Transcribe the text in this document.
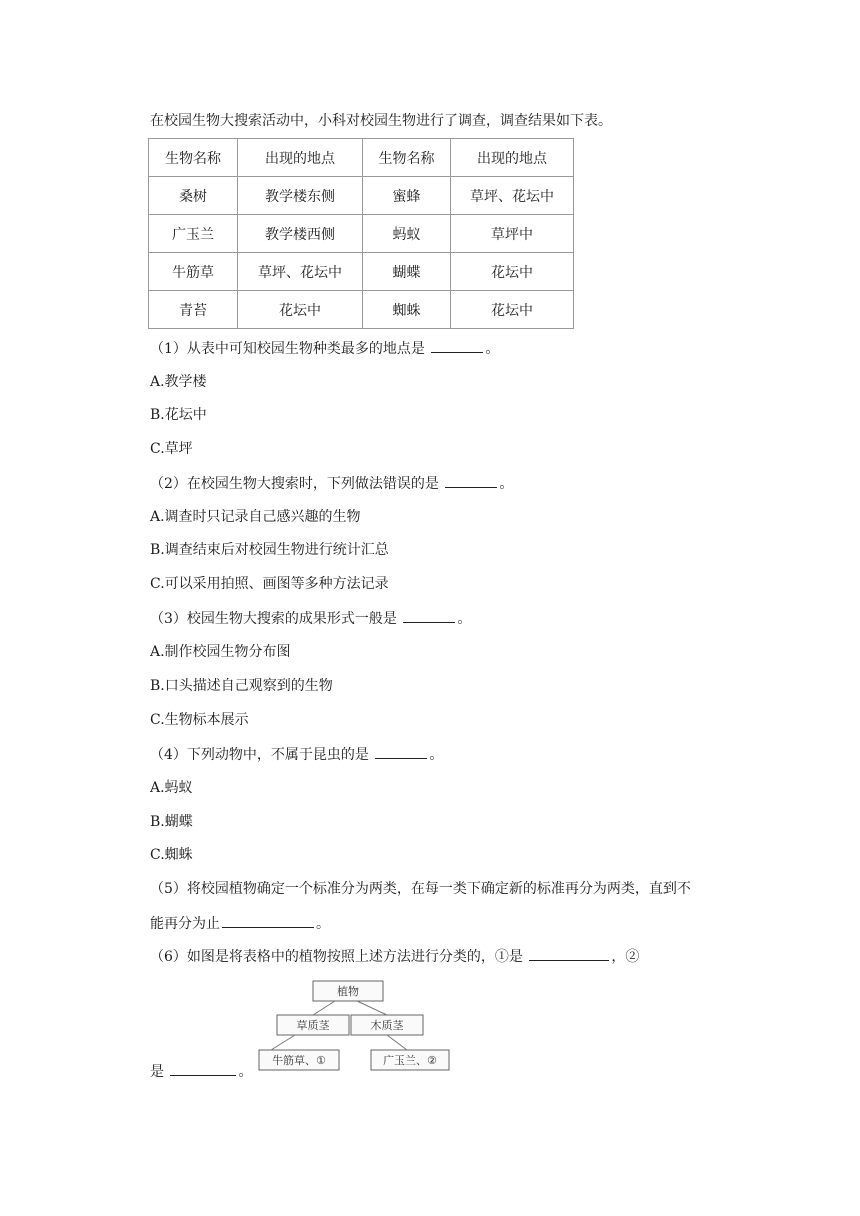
在校园生物大搜索活动中，小科对校园生物进行了调查，调查结果如下表。
生物名称	出现的地点	生物名称	出现的地点
桑树	教学楼东侧	蜜蜂	草坪、花坛中
广玉兰	教学楼西侧	蚂蚁	草坪中
牛筋草	草坪、花坛中	蝴蝶	花坛中
青苔	花坛中	蜘蛛	花坛中
（1）从表中可知校园生物种类最多的地点是	。
A.教学楼
B.花坛中
C.草坪
（2）在校园生物大搜索时，下列做法错误的是	。
A.调查时只记录自己感兴趣的生物
B.调查结束后对校园生物进行统计汇总
C.可以采用拍照、画图等多种方法记录
（3）校园生物大搜索的成果形式一般是	。
A.制作校园生物分布图
B.口头描述自己观察到的生物
C.生物标本展示
（4）下列动物中，不属于昆虫的是	。
A.蚂蚁
B.蝴蝶
C.蜘蛛
（5）将校园植物确定一个标准分为两类，在每一类下确定新的标准再分为两类，直到不
能再分为止	。
（6）如图是将表格中的植物按照上述方法进行分类的，①是	，②
植物
草质茎	木质茎
牛筋草、①	广玉兰、②
是	。
